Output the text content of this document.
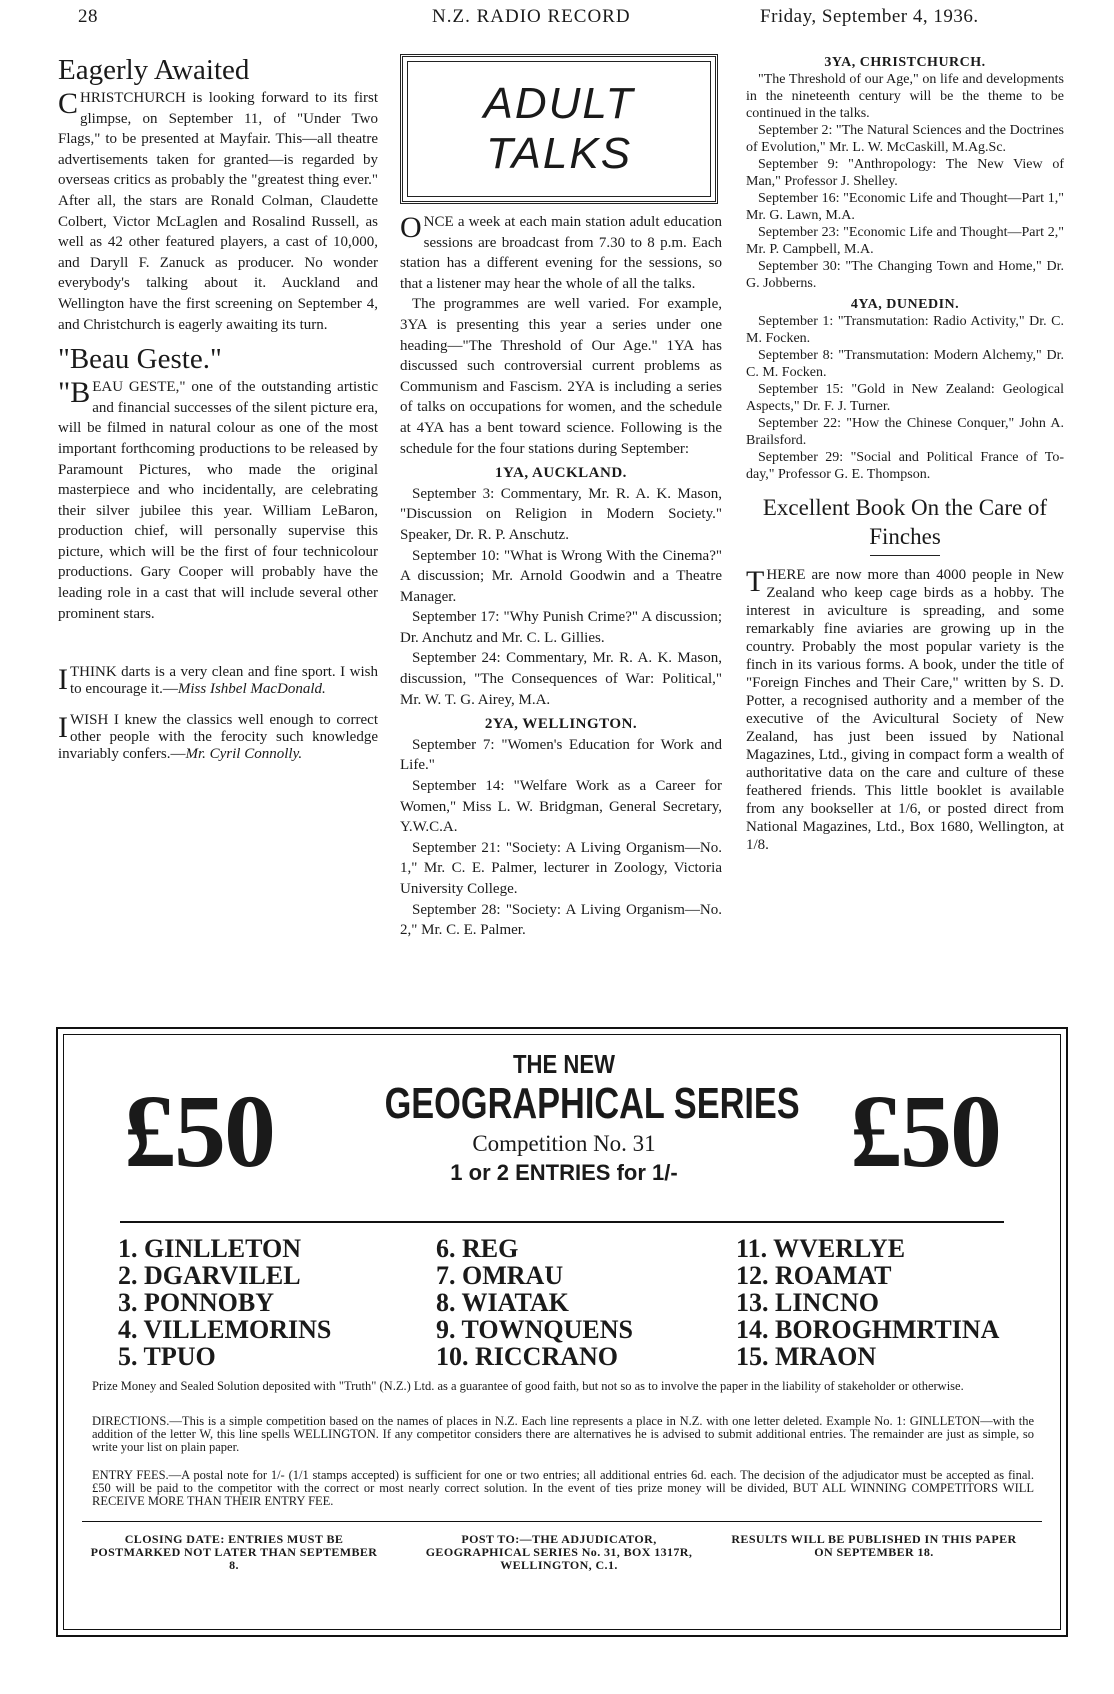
28	N.Z. RADIO RECORD	Friday, September 4, 1936.
Eagerly Awaited

CHRISTCHURCH is looking forward to its first glimpse, on September 11, of "Under Two Flags," to be presented at Mayfair. This—all theatre advertisements taken for granted—is regarded by overseas critics as probably the "greatest thing ever." After all, the stars are Ronald Colman, Claudette Colbert, Victor McLaglen and Rosalind Russell, as well as 42 other featured players, a cast of 10,000, and Daryll F. Zanuck as producer. No wonder everybody's talking about it. Auckland and Wellington have the first screening on September 4, and Christchurch is eagerly awaiting its turn.

"Beau Geste."

"BEAU GESTE," one of the outstanding artistic and financial successes of the silent picture era, will be filmed in natural colour as one of the most important forthcoming productions to be released by Paramount Pictures, who made the original masterpiece and who incidentally, are celebrating their silver jubilee this year. William LeBaron, production chief, will personally supervise this picture, which will be the first of four technicolour productions. Gary Cooper will probably have the leading role in a cast that will include several other prominent stars.

ITHINK darts is a very clean and fine sport. I wish to encourage it.—Miss Ishbel MacDonald.

IWISH I knew the classics well enough to correct other people with the ferocity such knowledge invariably confers.—Mr. Cyril Connolly.

ADULT
TALKS

ONCE a week at each main station adult education sessions are broadcast from 7.30 to 8 p.m. Each station has a different evening for the sessions, so that a listener may hear the whole of all the talks.

The programmes are well varied. For example, 3YA is presenting this year a series under one heading—"The Threshold of Our Age." 1YA has discussed such controversial current problems as Communism and Fascism. 2YA is including a series of talks on occupations for women, and the schedule at 4YA has a bent toward science. Following is the schedule for the four stations during September:

1YA, AUCKLAND.

September 3: Commentary, Mr. R. A. K. Mason, "Discussion on Religion in Modern Society." Speaker, Dr. R. P. Anschutz.

September 10: "What is Wrong With the Cinema?" A discussion; Mr. Arnold Goodwin and a Theatre Manager.

September 17: "Why Punish Crime?" A discussion; Dr. Anchutz and Mr. C. L. Gillies.

September 24: Commentary, Mr. R. A. K. Mason, discussion, "The Consequences of War: Political," Mr. W. T. G. Airey, M.A.

2YA, WELLINGTON.

September 7: "Women's Education for Work and Life."

September 14: "Welfare Work as a Career for Women," Miss L. W. Bridgman, General Secretary, Y.W.C.A.

September 21: "Society: A Living Organism—No. 1," Mr. C. E. Palmer, lecturer in Zoology, Victoria University College.

September 28: "Society: A Living Organism—No. 2," Mr. C. E. Palmer.

3YA, CHRISTCHURCH.

"The Threshold of our Age," on life and developments in the nineteenth century will be the theme to be continued in the talks.

September 2: "The Natural Sciences and the Doctrines of Evolution," Mr. L. W. McCaskill, M.Ag.Sc.

September 9: "Anthropology: The New View of Man," Professor J. Shelley.

September 16: "Economic Life and Thought—Part 1," Mr. G. Lawn, M.A.

September 23: "Economic Life and Thought—Part 2," Mr. P. Campbell, M.A.

September 30: "The Changing Town and Home," Dr. G. Jobberns.

4YA, DUNEDIN.

September 1: "Transmutation: Radio Activity," Dr. C. M. Focken.

September 8: "Transmutation: Modern Alchemy," Dr. C. M. Focken.

September 15: "Gold in New Zealand: Geological Aspects," Dr. F. J. Turner.

September 22: "How the Chinese Conquer," John A. Brailsford.

September 29: "Social and Political France of To-day," Professor G. E. Thompson.

Excellent Book On the Care of Finches

THERE are now more than 4000 people in New Zealand who keep cage birds as a hobby. The interest in aviculture is spreading, and some remarkably fine aviaries are growing up in the country. Probably the most popular variety is the finch in its various forms. A book, under the title of "Foreign Finches and Their Care," written by S. D. Potter, a recognised authority and a member of the executive of the Avicultural Society of New Zealand, has just been issued by National Magazines, Ltd., giving in compact form a wealth of authoritative data on the care and culture of these feathered friends. This little booklet is available from any bookseller at 1/6, or posted direct from National Magazines, Ltd., Box 1680, Wellington, at 1/8.

£50	£50
THE NEW
GEOGRAPHICAL SERIES
Competition No. 31
1 or 2 ENTRIES for 1/-
1. GINLLETON
2. DGARVILEL
3. PONNOBY
4. VILLEMORINS
5. TPUO
6. REG
7. OMRAU
8. WIATAK
9. TOWNQUENS
10. RICCRANO
11. WVERLYE
12. ROAMAT
13. LINCNO
14. BOROGHMRTINA
15. MRAON
Prize Money and Sealed Solution deposited with "Truth" (N.Z.) Ltd. as a guarantee of good faith, but not so as to involve the paper in the liability of stakeholder or otherwise.
DIRECTIONS.—This is a simple competition based on the names of places in N.Z. Each line represents a place in N.Z. with one letter deleted. Example No. 1: GINLLETON—with the addition of the letter W, this line spells WELLINGTON. If any competitor considers there are alternatives he is advised to submit additional entries. The remainder are just as simple, so write your list on plain paper.
ENTRY FEES.—A postal note for 1/- (1/1 stamps accepted) is sufficient for one or two entries; all additional entries 6d. each. The decision of the adjudicator must be accepted as final. £50 will be paid to the competitor with the correct or most nearly correct solution. In the event of ties prize money will be divided, BUT ALL WINNING COMPETITORS WILL RECEIVE MORE THAN THEIR ENTRY FEE.
CLOSING DATE: ENTRIES MUST BE POSTMARKED NOT LATER THAN SEPTEMBER 8.
POST TO:—THE ADJUDICATOR, GEOGRAPHICAL SERIES No. 31, BOX 1317R, WELLINGTON, C.1.
RESULTS WILL BE PUBLISHED IN THIS PAPER ON SEPTEMBER 18.
